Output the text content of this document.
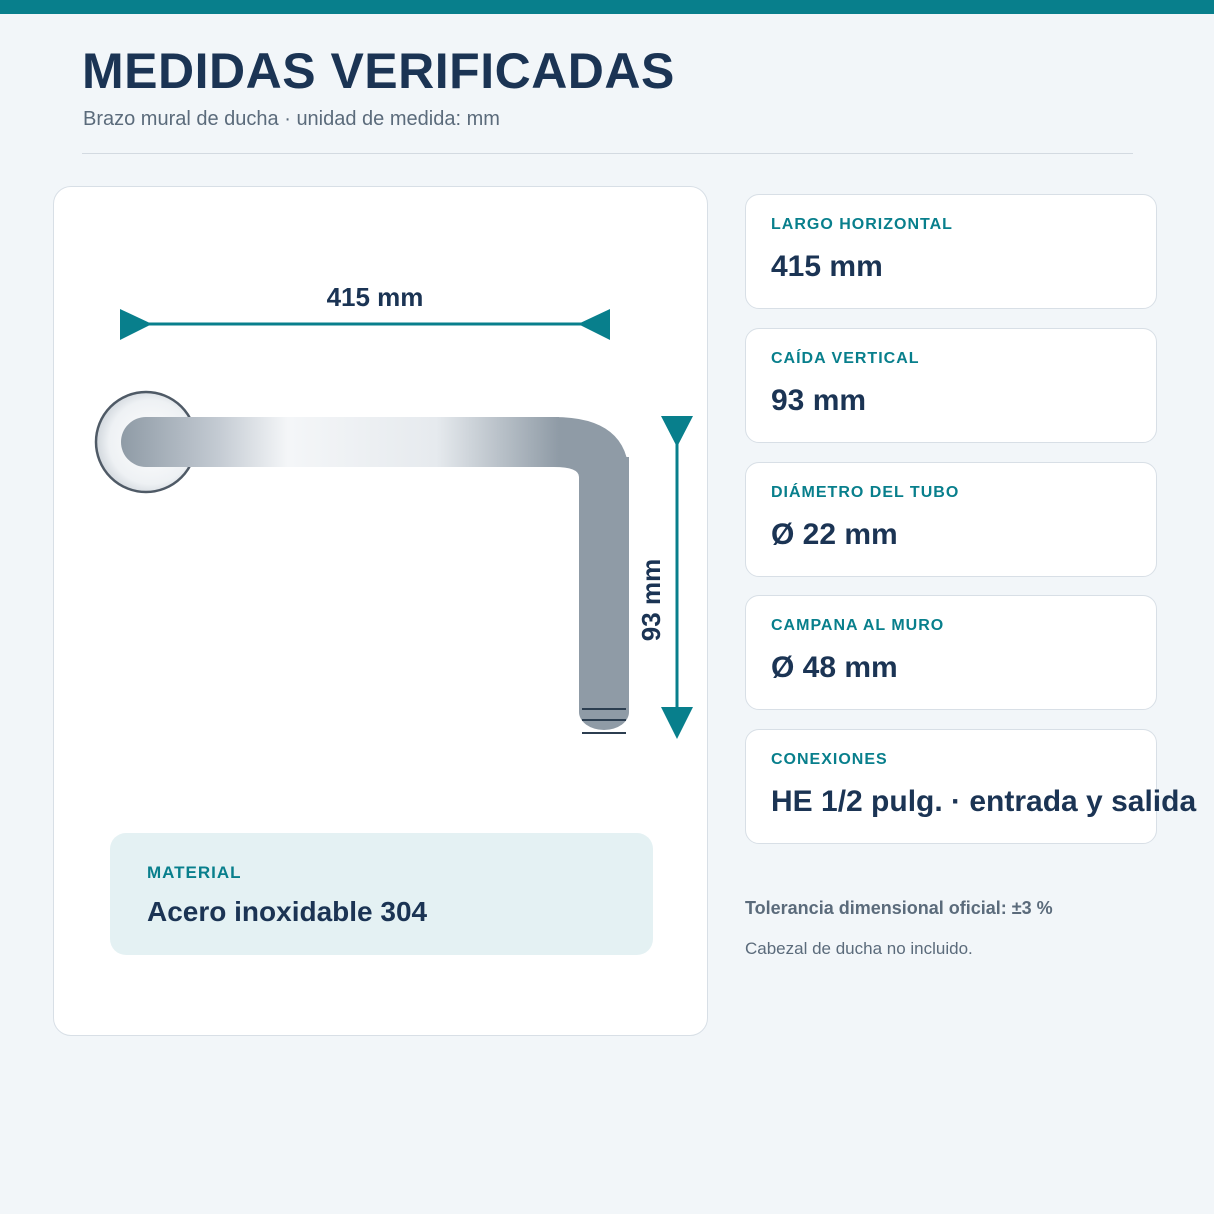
MEDIDAS VERIFICADAS
Brazo mural de ducha · unidad de medida: mm
415 mm
93 mm
MATERIAL
Acero inoxidable 304
LARGO HORIZONTAL
415 mm
CAÍDA VERTICAL
93 mm
DIÁMETRO DEL TUBO
Ø 22 mm
CAMPANA AL MURO
Ø 48 mm
CONEXIONES
HE 1/2 pulg. · entrada y salida
Tolerancia dimensional oficial: ±3 %
Cabezal de ducha no incluido.
